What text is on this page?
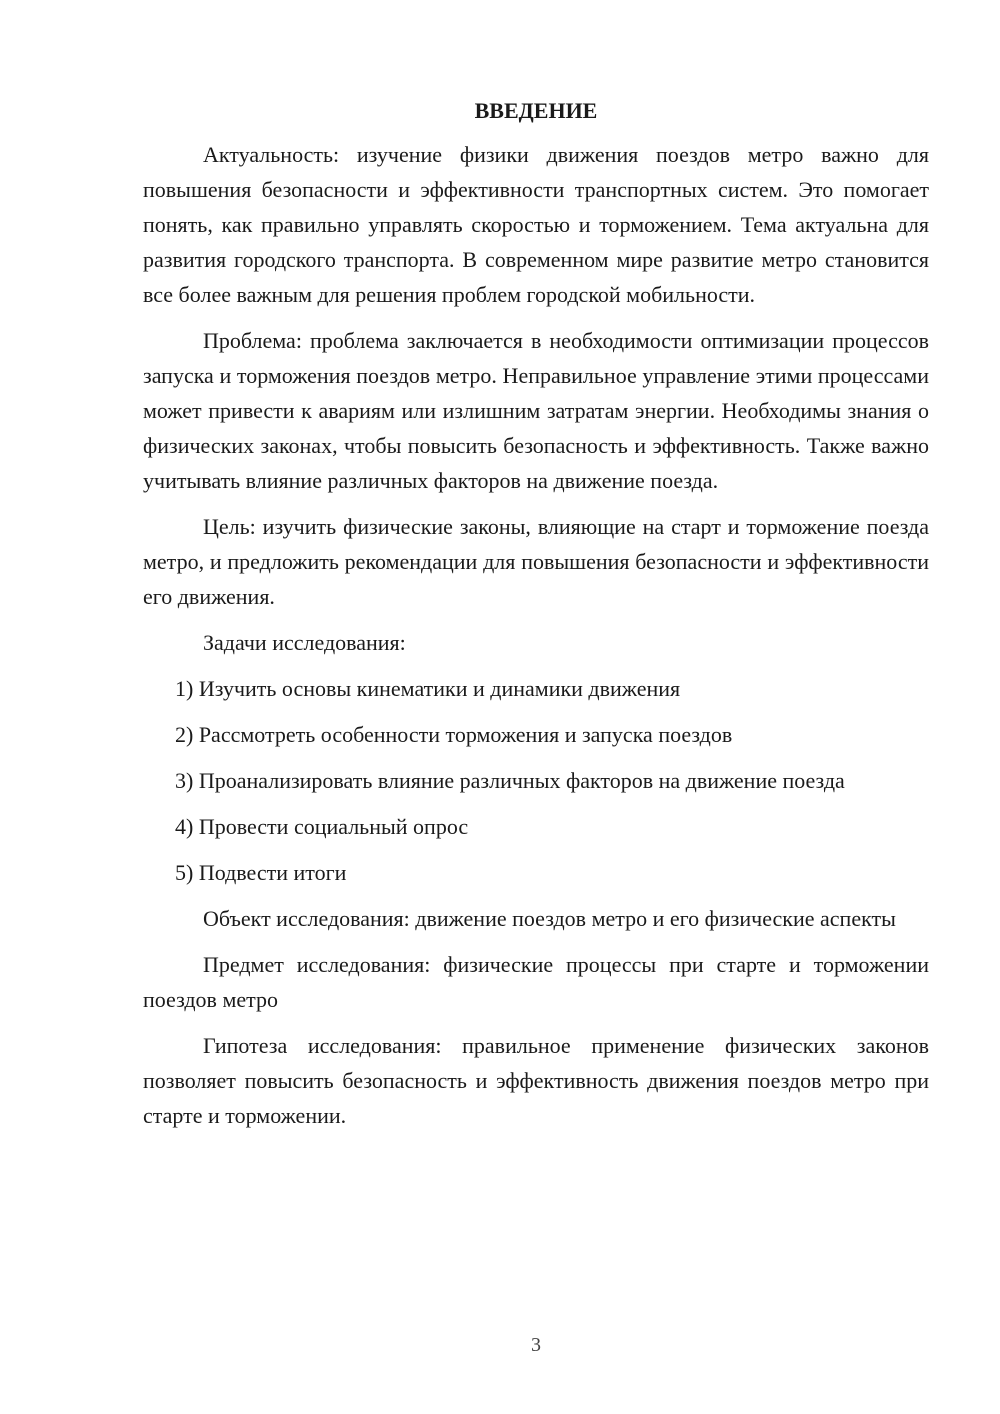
ВВЕДЕНИЕ

Актуальность: изучение физики движения поездов метро важно для повышения безопасности и эффективности транспортных систем. Это помогает понять, как правильно управлять скоростью и торможением. Тема актуальна для развития городского транспорта. В современном мире развитие метро становится все более важным для решения проблем городской мобильности.

Проблема: проблема заключается в необходимости оптимизации процессов запуска и торможения поездов метро. Неправильное управление этими процессами может привести к авариям или излишним затратам энергии. Необходимы знания о физических законах, чтобы повысить безопасность и эффективность. Также важно учитывать влияние различных факторов на движение поезда.

Цель: изучить физические законы, влияющие на старт и торможение поезда метро, и предложить рекомендации для повышения безопасности и эффективности его движения.

Задачи исследования:

1) Изучить основы кинематики и динамики движения

2) Рассмотреть особенности торможения и запуска поездов

3) Проанализировать влияние различных факторов на движение поезда

4) Провести социальный опрос

5) Подвести итоги

Объект исследования: движение поездов метро и его физические аспекты

Предмет исследования: физические процессы при старте и торможении поездов метро

Гипотеза исследования: правильное применение физических законов позволяет повысить безопасность и эффективность движения поездов метро при старте и торможении.

3
